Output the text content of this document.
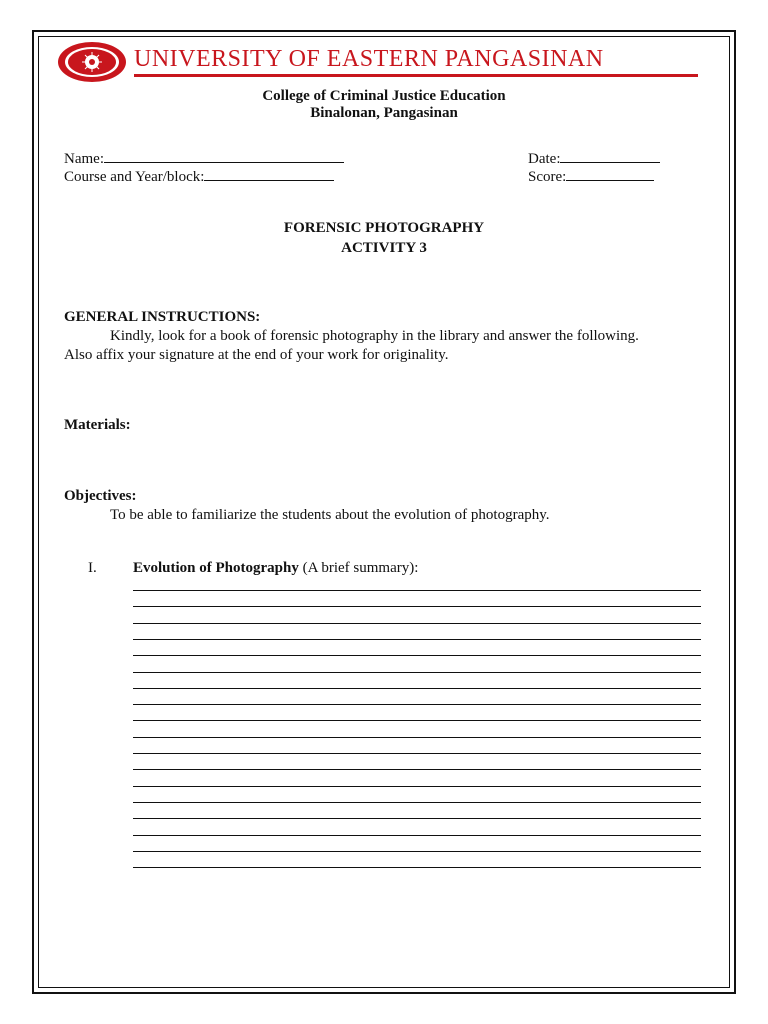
UNIVERSITY OF EASTERN PANGASINAN
College of Criminal Justice Education
Binalonan, Pangasinan
Name:
Course and Year/block:
Date:
Score:
FORENSIC PHOTOGRAPHY
ACTIVITY 3
GENERAL INSTRUCTIONS:
Kindly, look for a book of forensic photography in the library and answer the following.
Also affix your signature at the end of your work for originality.
Materials:
Objectives:
To be able to familiarize the students about the evolution of photography.
I. Evolution of Photography (A brief summary):
